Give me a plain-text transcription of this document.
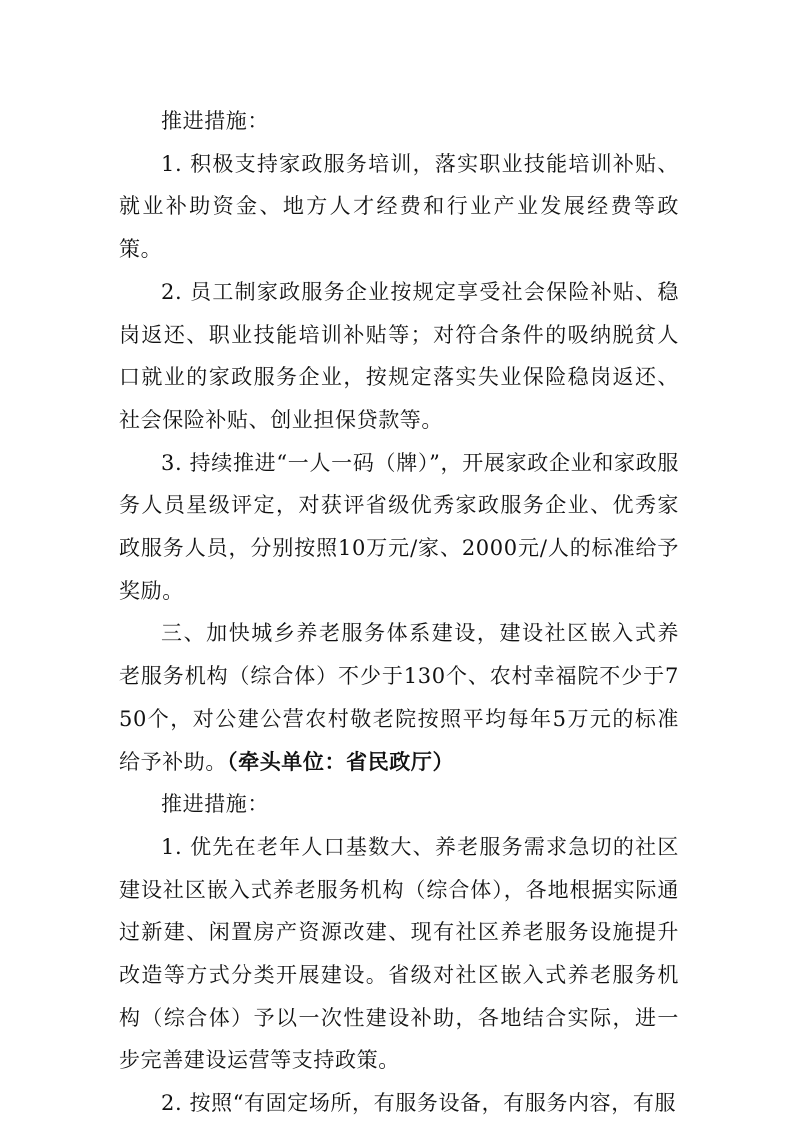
推进措施：

1. 积极支持家政服务培训，落实职业技能培训补贴、就业补助资金、地方人才经费和行业产业发展经费等政策。

2. 员工制家政服务企业按规定享受社会保险补贴、稳岗返还、职业技能培训补贴等；对符合条件的吸纳脱贫人口就业的家政服务企业，按规定落实失业保险稳岗返还、社会保险补贴、创业担保贷款等。

3. 持续推进“一人一码（牌）”，开展家政企业和家政服务人员星级评定，对获评省级优秀家政服务企业、优秀家政服务人员，分别按照10万元/家、2000元/人的标准给予奖励。

三、加快城乡养老服务体系建设，建设社区嵌入式养老服务机构（综合体）不少于130个、农村幸福院不少于750个，对公建公营农村敬老院按照平均每年5万元的标准给予补助。（牵头单位：省民政厅）

推进措施：

1. 优先在老年人口基数大、养老服务需求急切的社区建设社区嵌入式养老服务机构（综合体），各地根据实际通过新建、闲置房产资源改建、现有社区养老服务设施提升改造等方式分类开展建设。省级对社区嵌入式养老服务机构（综合体）予以一次性建设补助，各地结合实际，进一步完善建设运营等支持政策。

2. 按照“有固定场所，有服务设备，有服务内容，有服
